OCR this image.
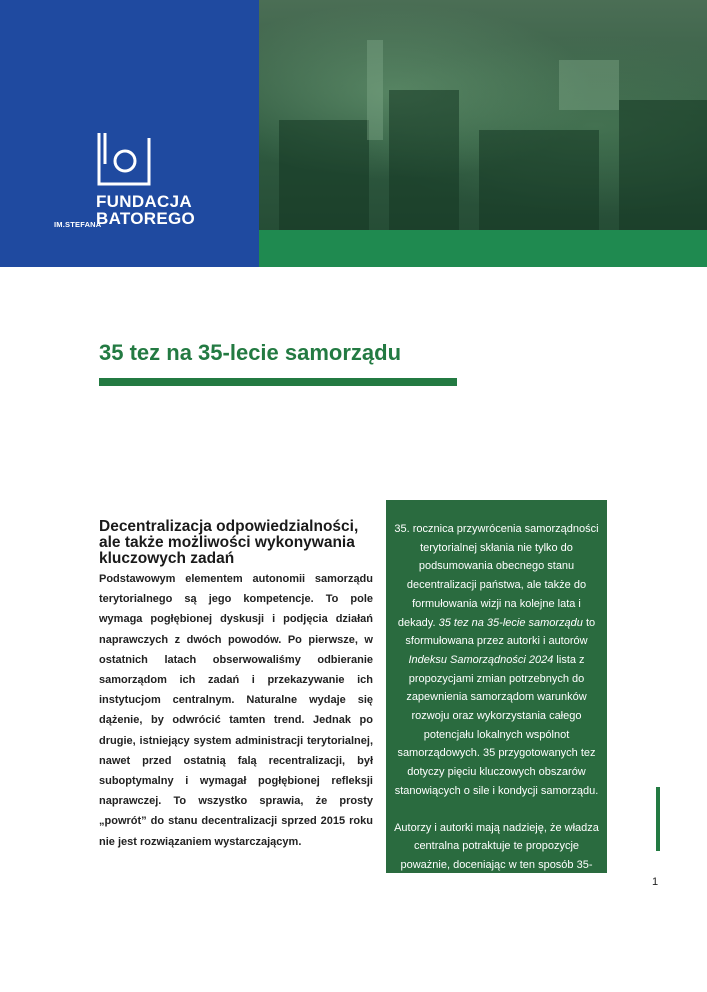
FUNDACJA
BATOREGO
IM.STEFANA
35 tez na 35-lecie samorządu
Decentralizacja odpowiedzialności, ale także możliwości wykonywania kluczowych zadań

Podstawowym elementem autonomii samorządu terytorialnego są jego kompetencje. To pole wymaga pogłębionej dyskusji i podjęcia działań naprawczych z dwóch powodów. Po pierwsze, w ostatnich latach obserwowaliśmy odbieranie samorządom ich zadań i przekazywanie ich instytucjom centralnym. Naturalne wydaje się dążenie, by odwrócić tamten trend. Jednak po drugie, istniejący system administracji terytorialnej, nawet przed ostatnią falą recentralizacji, był suboptymalny i wymagał pogłębionej refleksji naprawczej. To wszystko sprawia, że prosty „powrót” do stanu decentralizacji sprzed 2015 roku nie jest rozwiązaniem wystarczającym.

35. rocznica przywrócenia samorządności terytorialnej skłania nie tylko do podsumowania obecnego stanu decentralizacji państwa, ale także do formułowania wizji na kolejne lata i dekady. 35 tez na 35-lecie samorządu to sformułowana przez autorki i autorów Indeksu Samorządności 2024 lista z propozycjami zmian potrzebnych do zapewnienia samorządom warunków rozwoju oraz wykorzystania całego potencjału lokalnych wspólnot samorządowych. 35 przygotowanych tez dotyczy pięciu kluczowych obszarów stanowiących o sile i kondycji samorządu.

Autorzy i autorki mają nadzieję, że władza centralna potraktuje te propozycje poważnie, doceniając w ten sposób 35-letni wkład samorządu w siłę polskiego państwa.

1
